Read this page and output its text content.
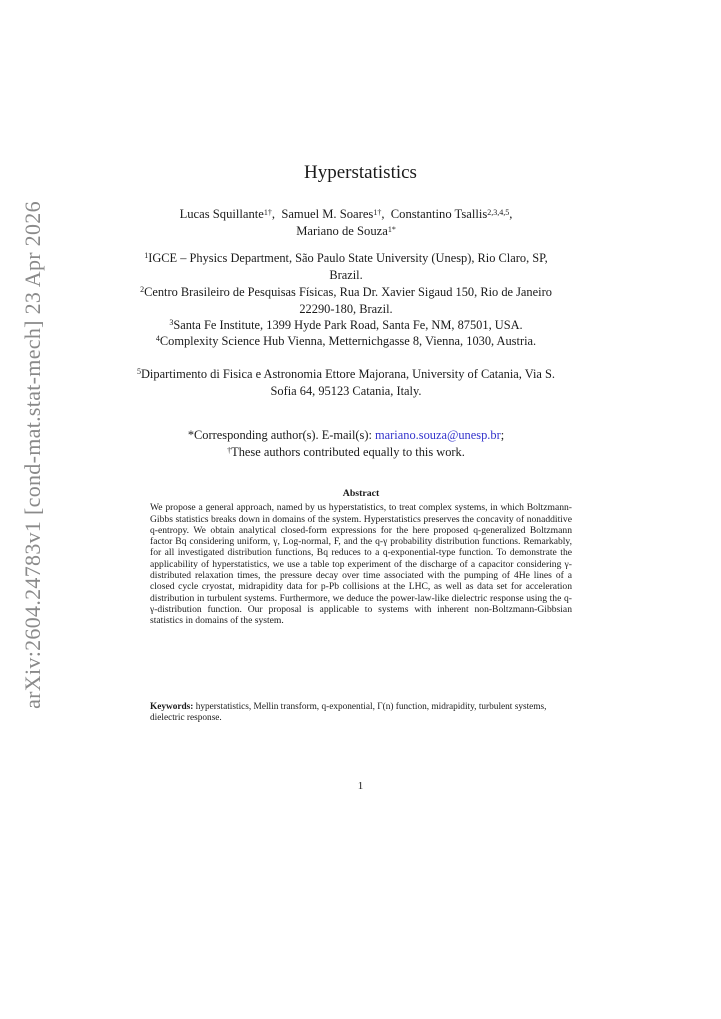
arXiv:2604.24783v1 [cond-mat.stat-mech] 23 Apr 2026
Hyperstatistics
Lucas Squillante$^{1\dagger}$,  Samuel M. Soares$^{1\dagger}$,  Constantino Tsallis$^{2,3,4,5}$,
Mariano de Souza$^{1*}$
$^1$IGCE – Physics Department, São Paulo State University (Unesp), Rio Claro, SP, Brazil.
$^2$Centro Brasileiro de Pesquisas Físicas, Rua Dr. Xavier Sigaud 150, Rio de Janeiro 22290-180, Brazil.
$^3$Santa Fe Institute, 1399 Hyde Park Road, Santa Fe, NM, 87501, USA.
$^4$Complexity Science Hub Vienna, Metternichgasse 8, Vienna, 1030, Austria.
$^5$Dipartimento di Fisica e Astronomia Ettore Majorana, University of Catania, Via S. Sofia 64, 95123 Catania, Italy.
*Corresponding author(s). E-mail(s): mariano.souza@unesp.br;
†These authors contributed equally to this work.
Abstract
We propose a general approach, named by us hyperstatistics, to treat complex systems, in which Boltzmann-Gibbs statistics breaks down in domains of the system. Hyperstatistics preserves the concavity of nonadditive q-entropy. We obtain analytical closed-form expressions for the here proposed q-generalized Boltzmann factor Bq considering uniform, γ, Log-normal, F, and the q-γ probability distribution functions. Remarkably, for all investigated distribution functions, Bq reduces to a q-exponential-type function. To demonstrate the applicability of hyperstatistics, we use a table top experiment of the discharge of a capacitor considering γ-distributed relaxation times, the pressure decay over time associated with the pumping of 4He lines of a closed cycle cryostat, midrapidity data for p-Pb collisions at the LHC, as well as data set for acceleration distribution in turbulent systems. Furthermore, we deduce the power-law-like dielectric response using the q-γ-distribution function. Our proposal is applicable to systems with inherent non-Boltzmann-Gibbsian statistics in domains of the system.
Keywords: hyperstatistics, Mellin transform, q-exponential, Γ(n) function, midrapidity, turbulent systems, dielectric response.
1
